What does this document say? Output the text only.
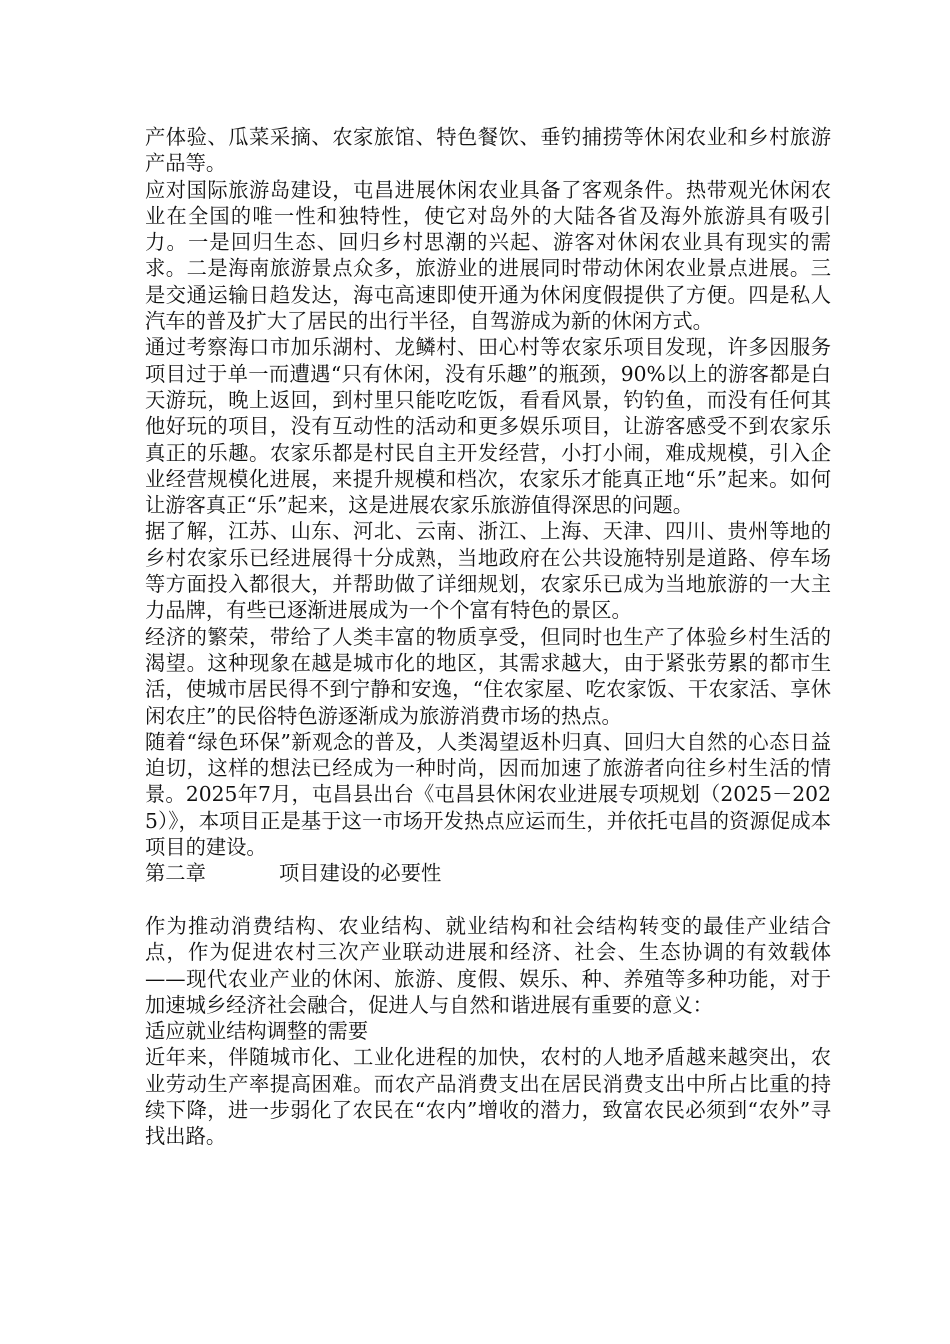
产体验、瓜菜采摘、农家旅馆、特色餐饮、垂钓捕捞等休闲农业和乡村旅游产品等。

应对国际旅游岛建设，屯昌进展休闲农业具备了客观条件。热带观光休闲农业在全国的唯一性和独特性，使它对岛外的大陆各省及海外旅游具有吸引力。一是回归生态、回归乡村思潮的兴起、游客对休闲农业具有现实的需求。二是海南旅游景点众多，旅游业的进展同时带动休闲农业景点进展。三是交通运输日趋发达，海屯高速即使开通为休闲度假提供了方便。四是私人汽车的普及扩大了居民的出行半径，自驾游成为新的休闲方式。

通过考察海口市加乐湖村、龙鳞村、田心村等农家乐项目发现，许多因服务项目过于单一而遭遇“只有休闲，没有乐趣”的瓶颈，90%以上的游客都是白天游玩，晚上返回，到村里只能吃吃饭，看看风景，钓钓鱼，而没有任何其他好玩的项目，没有互动性的活动和更多娱乐项目，让游客感受不到农家乐真正的乐趣。农家乐都是村民自主开发经营，小打小闹，难成规模，引入企业经营规模化进展，来提升规模和档次，农家乐才能真正地“乐”起来。如何让游客真正“乐”起来，这是进展农家乐旅游值得深思的问题。

据了解，江苏、山东、河北、云南、浙江、上海、天津、四川、贵州等地的乡村农家乐已经进展得十分成熟，当地政府在公共设施特别是道路、停车场等方面投入都很大，并帮助做了详细规划，农家乐已成为当地旅游的一大主力品牌，有些已逐渐进展成为一个个富有特色的景区。

经济的繁荣，带给了人类丰富的物质享受，但同时也生产了体验乡村生活的渴望。这种现象在越是城市化的地区，其需求越大，由于紧张劳累的都市生活，使城市居民得不到宁静和安逸，“住农家屋、吃农家饭、干农家活、享休闲农庄”的民俗特色游逐渐成为旅游消费市场的热点。

随着“绿色环保”新观念的普及，人类渴望返朴归真、回归大自然的心态日益迫切，这样的想法已经成为一种时尚，因而加速了旅游者向往乡村生活的情景。2025年7月，屯昌县出台《屯昌县休闲农业进展专项规划（2025－2025）》，本项目正是基于这一市场开发热点应运而生，并依托屯昌的资源促成本项目的建设。

第二章	项目建设的必要性

作为推动消费结构、农业结构、就业结构和社会结构转变的最佳产业结合点，作为促进农村三次产业联动进展和经济、社会、生态协调的有效载体——现代农业产业的休闲、旅游、度假、娱乐、种、养殖等多种功能，对于加速城乡经济社会融合，促进人与自然和谐进展有重要的意义：

适应就业结构调整的需要

近年来，伴随城市化、工业化进程的加快，农村的人地矛盾越来越突出，农业劳动生产率提高困难。而农产品消费支出在居民消费支出中所占比重的持续下降，进一步弱化了农民在“农内”增收的潜力，致富农民必须到“农外”寻找出路。
